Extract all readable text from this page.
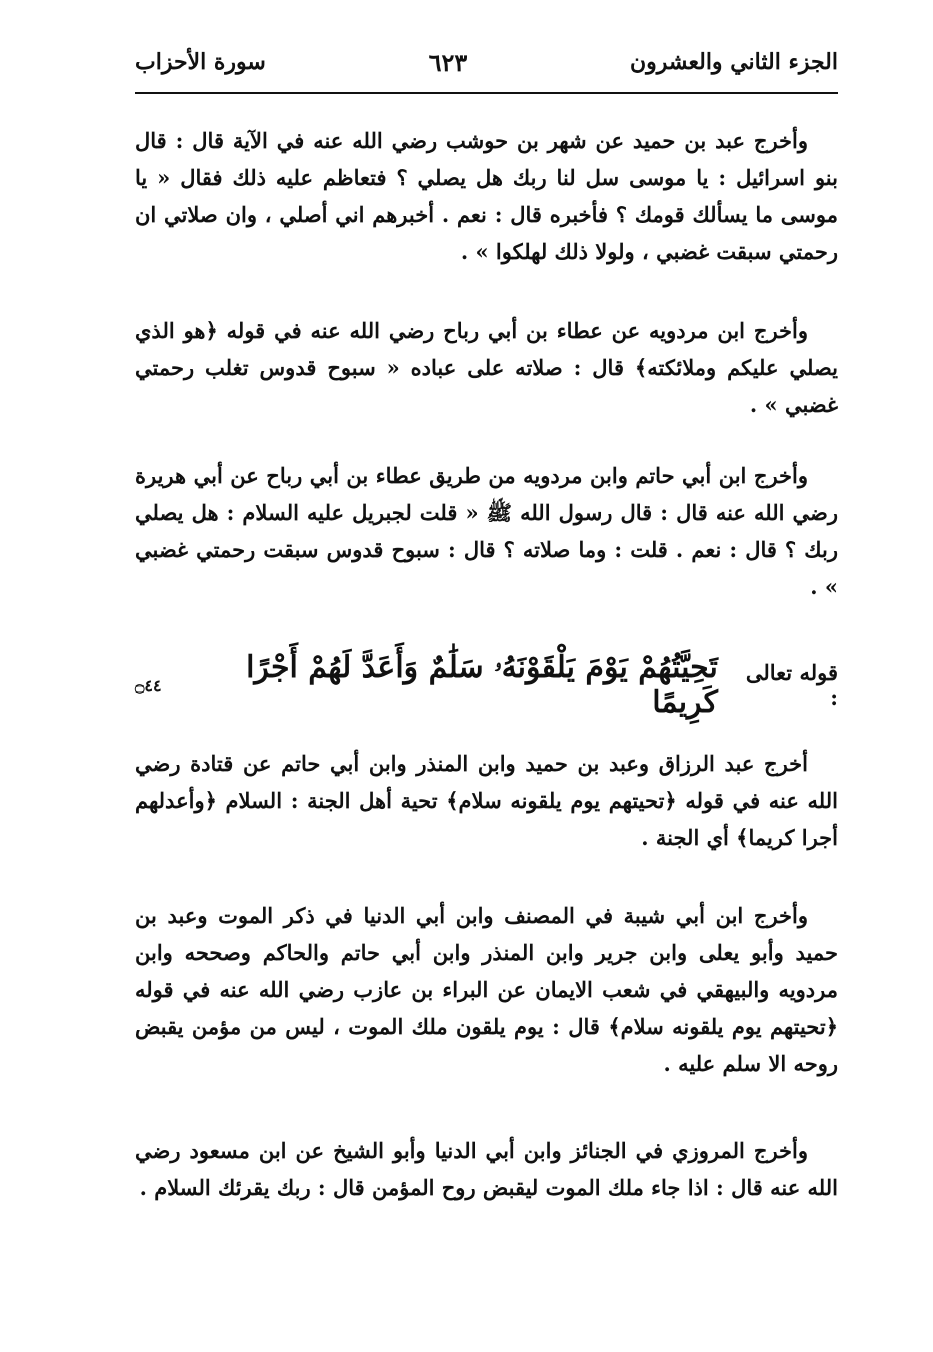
الجزء الثاني والعشرون
٦٢٣
سورة الأحزاب

وأخرج عبد بن حميد عن شهر بن حوشب رضي الله عنه في الآية قال : قال بنو اسرائيل : يا موسى سل لنا ربك هل يصلي ؟ فتعاظم عليه ذلك فقال « يا موسى ما يسألك قومك ؟ فأخبره قال : نعم . أخبرهم اني أصلي ، وان صلاتي ان رحمتي سبقت غضبي ، ولولا ذلك لهلكوا » .

وأخرج ابن مردويه عن عطاء بن أبي رباح رضي الله عنه في قوله ﴿هو الذي يصلي عليكم وملائكته﴾ قال : صلاته على عباده « سبوح قدوس تغلب رحمتي غضبي » .

وأخرج ابن أبي حاتم وابن مردويه من طريق عطاء بن أبي رباح عن أبي هريرة رضي الله عنه قال : قال رسول الله ﷺ « قلت لجبريل عليه السلام : هل يصلي ربك ؟ قال : نعم . قلت : وما صلاته ؟ قال : سبوح قدوس سبقت رحمتي غضبي » .

قوله تعالى :
تَحِيَّتُهُمْ يَوْمَ يَلْقَوْنَهُۥ سَلَٰمٌ وَأَعَدَّ لَهُمْ أَجْرًا كَرِيمًا
۝٤٤

أخرج عبد الرزاق وعبد بن حميد وابن المنذر وابن أبي حاتم عن قتادة رضي الله عنه في قوله ﴿تحيتهم يوم يلقونه سلام﴾ تحية أهل الجنة : السلام ﴿وأعدلهم أجرا كريما﴾ أي الجنة .

وأخرج ابن أبي شيبة في المصنف وابن أبي الدنيا في ذكر الموت وعبد بن حميد وأبو يعلى وابن جرير وابن المنذر وابن أبي حاتم والحاكم وصححه وابن مردويه والبيهقي في شعب الايمان عن البراء بن عازب رضي الله عنه في قوله ﴿تحيتهم يوم يلقونه سلام﴾ قال : يوم يلقون ملك الموت ، ليس من مؤمن يقبض روحه الا سلم عليه .

وأخرج المروزي في الجنائز وابن أبي الدنيا وأبو الشيخ عن ابن مسعود رضي الله عنه قال : اذا جاء ملك الموت ليقبض روح المؤمن قال : ربك يقرئك السلام .
